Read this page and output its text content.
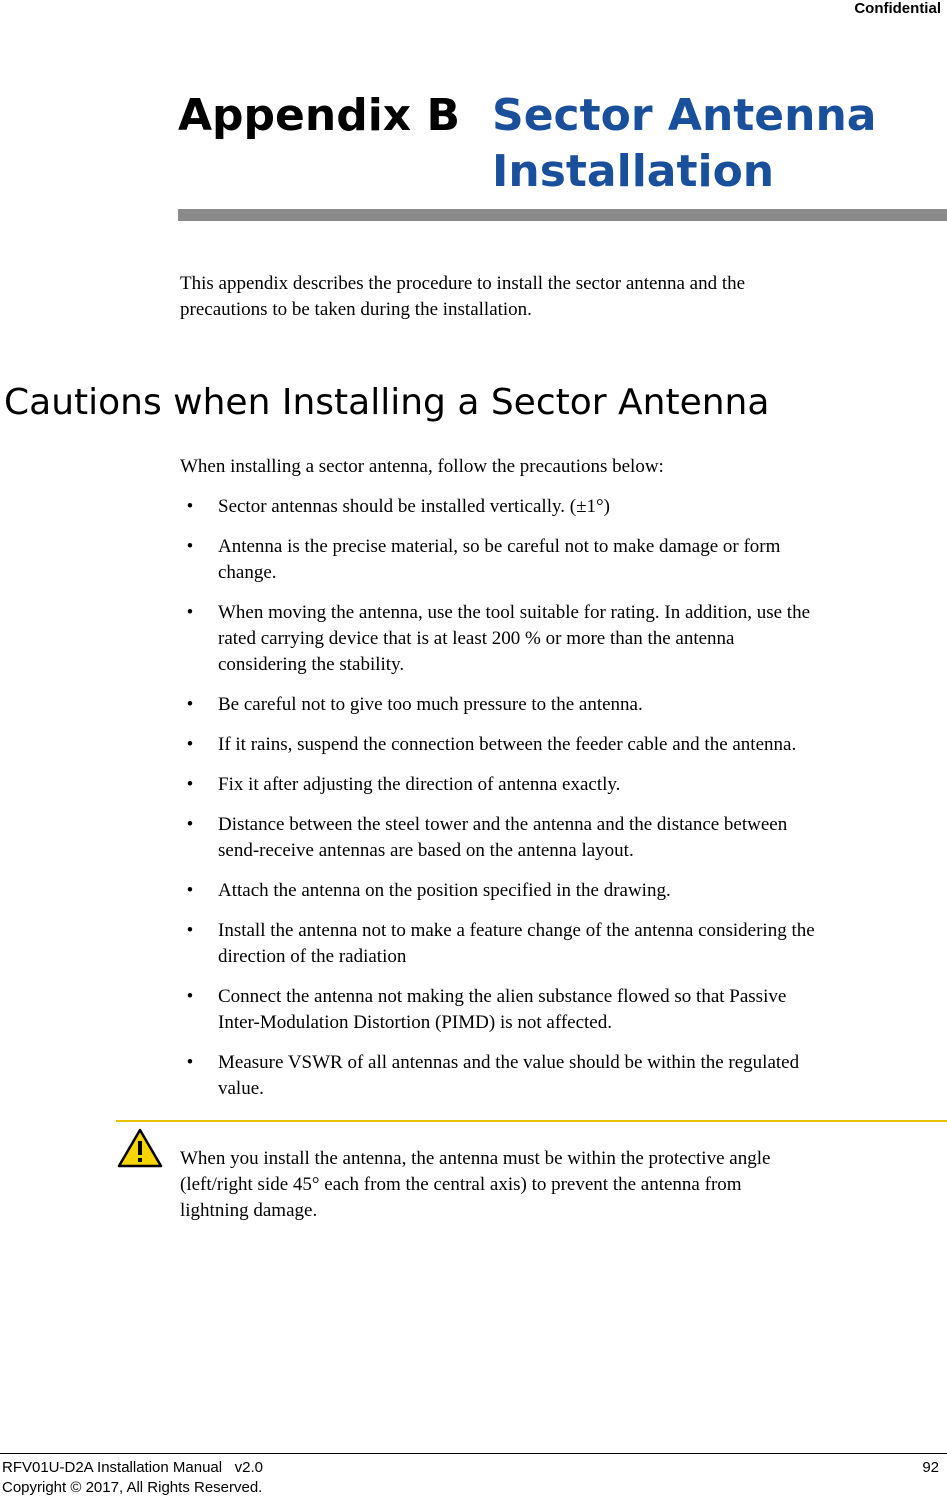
Confidential
Appendix B Sector Antenna
Installation
This appendix describes the procedure to install the sector antenna and the
precautions to be taken during the installation.
Cautions when Installing a Sector Antenna
When installing a sector antenna, follow the precautions below:
•	Sector antennas should be installed vertically. (±1°)
•	Antenna is the precise material, so be careful not to make damage or form
change.
•	When moving the antenna, use the tool suitable for rating. In addition, use the
rated carrying device that is at least 200 % or more than the antenna
considering the stability.
•	Be careful not to give too much pressure to the antenna.
•	If it rains, suspend the connection between the feeder cable and the antenna.
•	Fix it after adjusting the direction of antenna exactly.
•	Distance between the steel tower and the antenna and the distance between
send-receive antennas are based on the antenna layout.
•	Attach the antenna on the position specified in the drawing.
•	Install the antenna not to make a feature change of the antenna considering the
direction of the radiation
•	Connect the antenna not making the alien substance flowed so that Passive
Inter-Modulation Distortion (PIMD) is not affected.
•	Measure VSWR of all antennas and the value should be within the regulated
value.
When you install the antenna, the antenna must be within the protective angle
(left/right side 45° each from the central axis) to prevent the antenna from
lightning damage.
RFV01U-D2A Installation Manual   v2.0
Copyright © 2017, All Rights Reserved.
92
